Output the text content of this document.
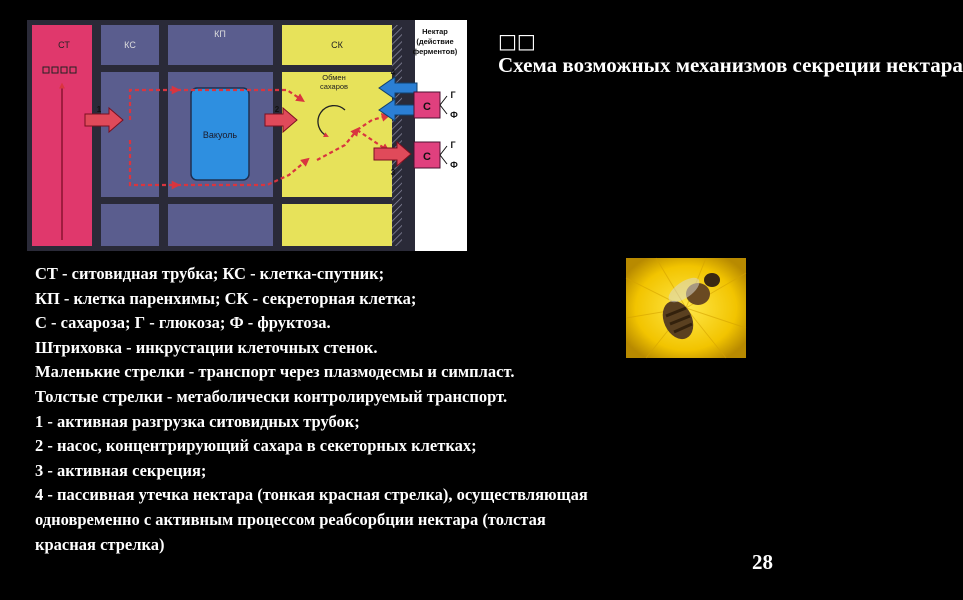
Вакуоль
СТ	КС
КП
СК
Нектар
(действие
ферментов)
Обмен
сахаров
1	2
3
4
С
С
Г
Ф
Г
Ф
□□
Схема возможных механизмов секреции нектара
СТ - ситовидная трубка; КС - клетка-спутник;
КП - клетка паренхимы; СК - секреторная клетка;
С - сахароза; Г - глюкоза; Ф - фруктоза.
Штриховка - инкрустации клеточных стенок.
Маленькие стрелки - транспорт через плазмодесмы и симпласт.
Толстые стрелки - метаболически контролируемый транспорт.
1 - активная разгрузка ситовидных трубок;
2 - насос, концентрирующий сахара в секеторных клетках;
3 - активная секреция;
4 - пассивная утечка нектара (тонкая красная стрелка), осуществляющая
одновременно с активным процессом реабсорбции нектара (толстая
красная стрелка)
28
